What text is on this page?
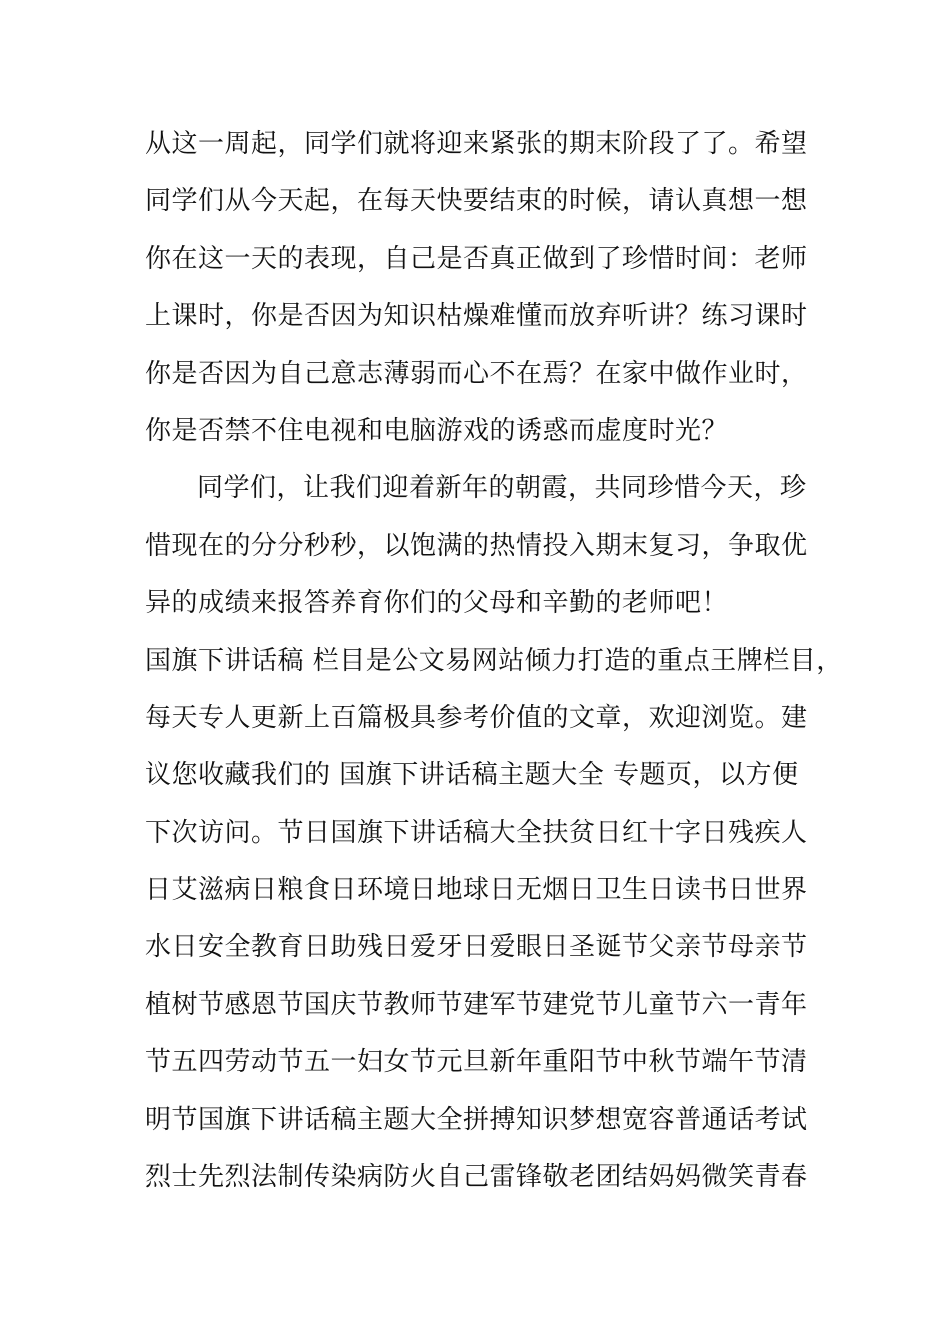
从这一周起，同学们就将迎来紧张的期末阶段了了。希望
同学们从今天起，在每天快要结束的时候，请认真想一想
你在这一天的表现，自己是否真正做到了珍惜时间：老师
上课时，你是否因为知识枯燥难懂而放弃听讲？练习课时
你是否因为自己意志薄弱而心不在焉？在家中做作业时，
你是否禁不住电视和电脑游戏的诱惑而虚度时光？
同学们，让我们迎着新年的朝霞，共同珍惜今天，珍
惜现在的分分秒秒，以饱满的热情投入期末复习，争取优
异的成绩来报答养育你们的父母和辛勤的老师吧！
国旗下讲话稿 栏目是公文易网站倾力打造的重点王牌栏目，
每天专人更新上百篇极具参考价值的文章，欢迎浏览。建
议您收藏我们的 国旗下讲话稿主题大全 专题页，以方便
下次访问。节日国旗下讲话稿大全扶贫日红十字日残疾人
日艾滋病日粮食日环境日地球日无烟日卫生日读书日世界
水日安全教育日助残日爱牙日爱眼日圣诞节父亲节母亲节
植树节感恩节国庆节教师节建军节建党节儿童节六一青年
节五四劳动节五一妇女节元旦新年重阳节中秋节端午节清
明节国旗下讲话稿主题大全拼搏知识梦想宽容普通话考试
烈士先烈法制传染病防火自己雷锋敬老团结妈妈微笑青春
